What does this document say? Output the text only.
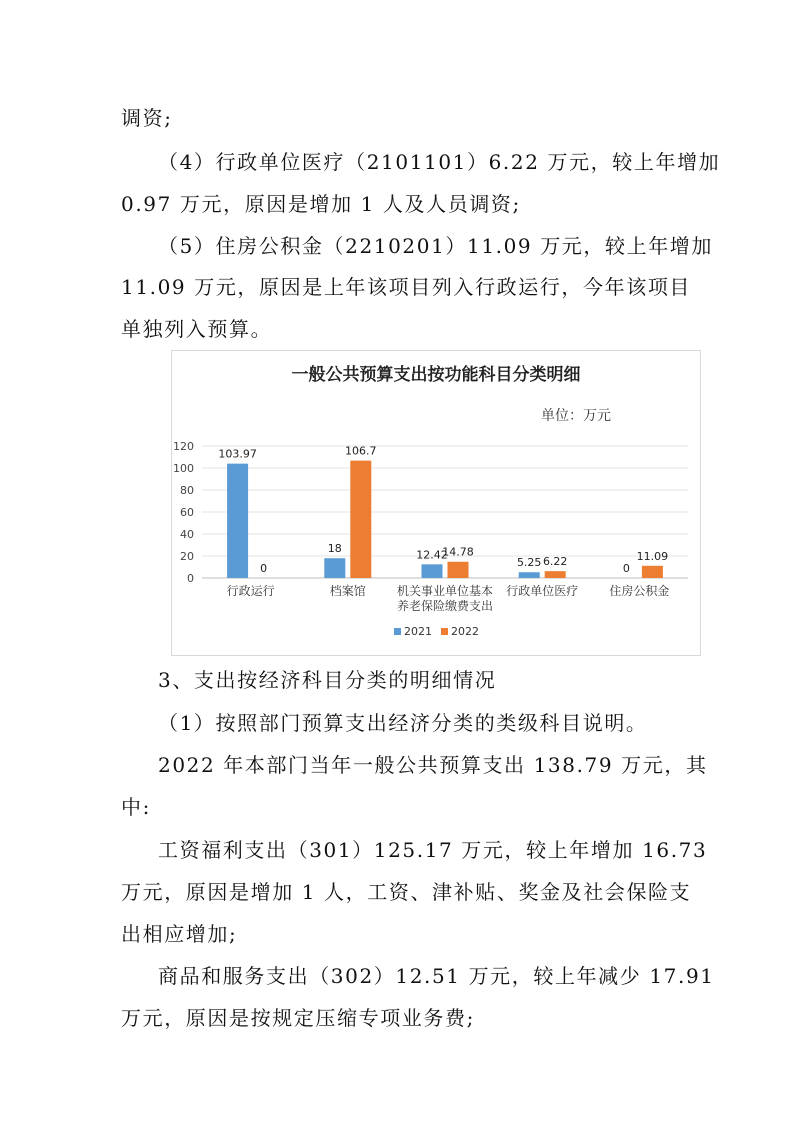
调资;
（4）行政单位医疗（2101101）6.22 万元，较上年增加
0.97 万元，原因是增加 1 人及人员调资;
（5）住房公积金（2210201）11.09 万元，较上年增加
11.09 万元，原因是上年该项目列入行政运行，今年该项目
单独列入预算。
一般公共预算支出按功能科目分类明细
单位：万元
0
20
40
60
80
100
120
103.97
0
行政运行
18
106.7
档案馆
12.42
14.78
机关事业单位基本
养老保险缴费支出
5.25 6.22
行政单位医疗
0
11.09
住房公积金
2021 2022
3、支出按经济科目分类的明细情况
（1）按照部门预算支出经济分类的类级科目说明。
2022 年本部门当年一般公共预算支出 138.79 万元，其
中:
工资福利支出（301）125.17 万元，较上年增加 16.73
万元，原因是增加 1 人，工资、津补贴、奖金及社会保险支
出相应增加;
商品和服务支出（302）12.51 万元，较上年减少 17.91
万元，原因是按规定压缩专项业务费;
